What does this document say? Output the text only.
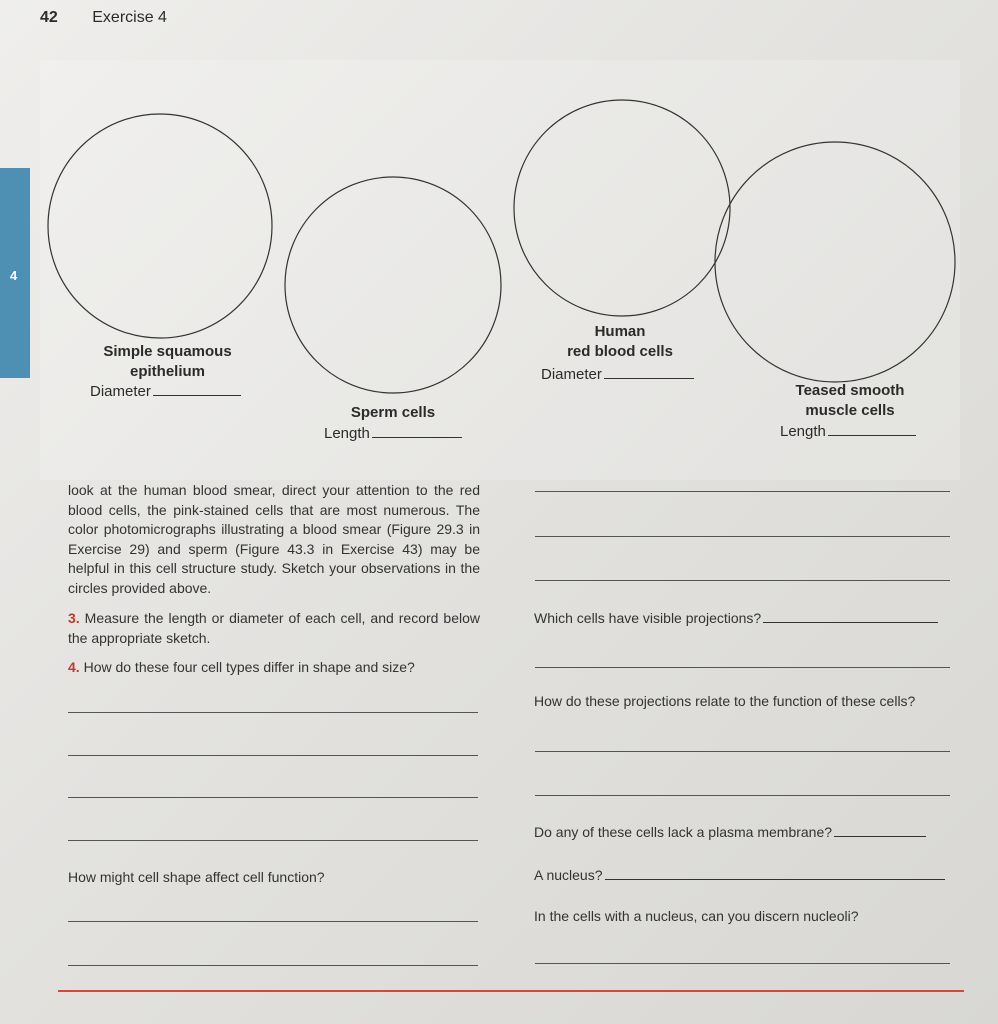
42 Exercise 4
4
Simple squamous
epithelium
Diameter
Sperm cells
Length
Human
red blood cells
Diameter
Teased smooth
muscle cells
Length
look at the human blood smear, direct your attention to the red blood cells, the pink-stained cells that are most numerous. The color photomicrographs illustrating a blood smear (Figure 29.3 in Exercise 29) and sperm (Figure 43.3 in Exercise 43) may be helpful in this cell structure study. Sketch your observations in the circles provided above.
3. Measure the length or diameter of each cell, and record below the appropriate sketch.
4. How do these four cell types differ in shape and size?
How might cell shape affect cell function?
Which cells have visible projections?
How do these projections relate to the function of these cells?
Do any of these cells lack a plasma membrane?
A nucleus?
In the cells with a nucleus, can you discern nucleoli?
